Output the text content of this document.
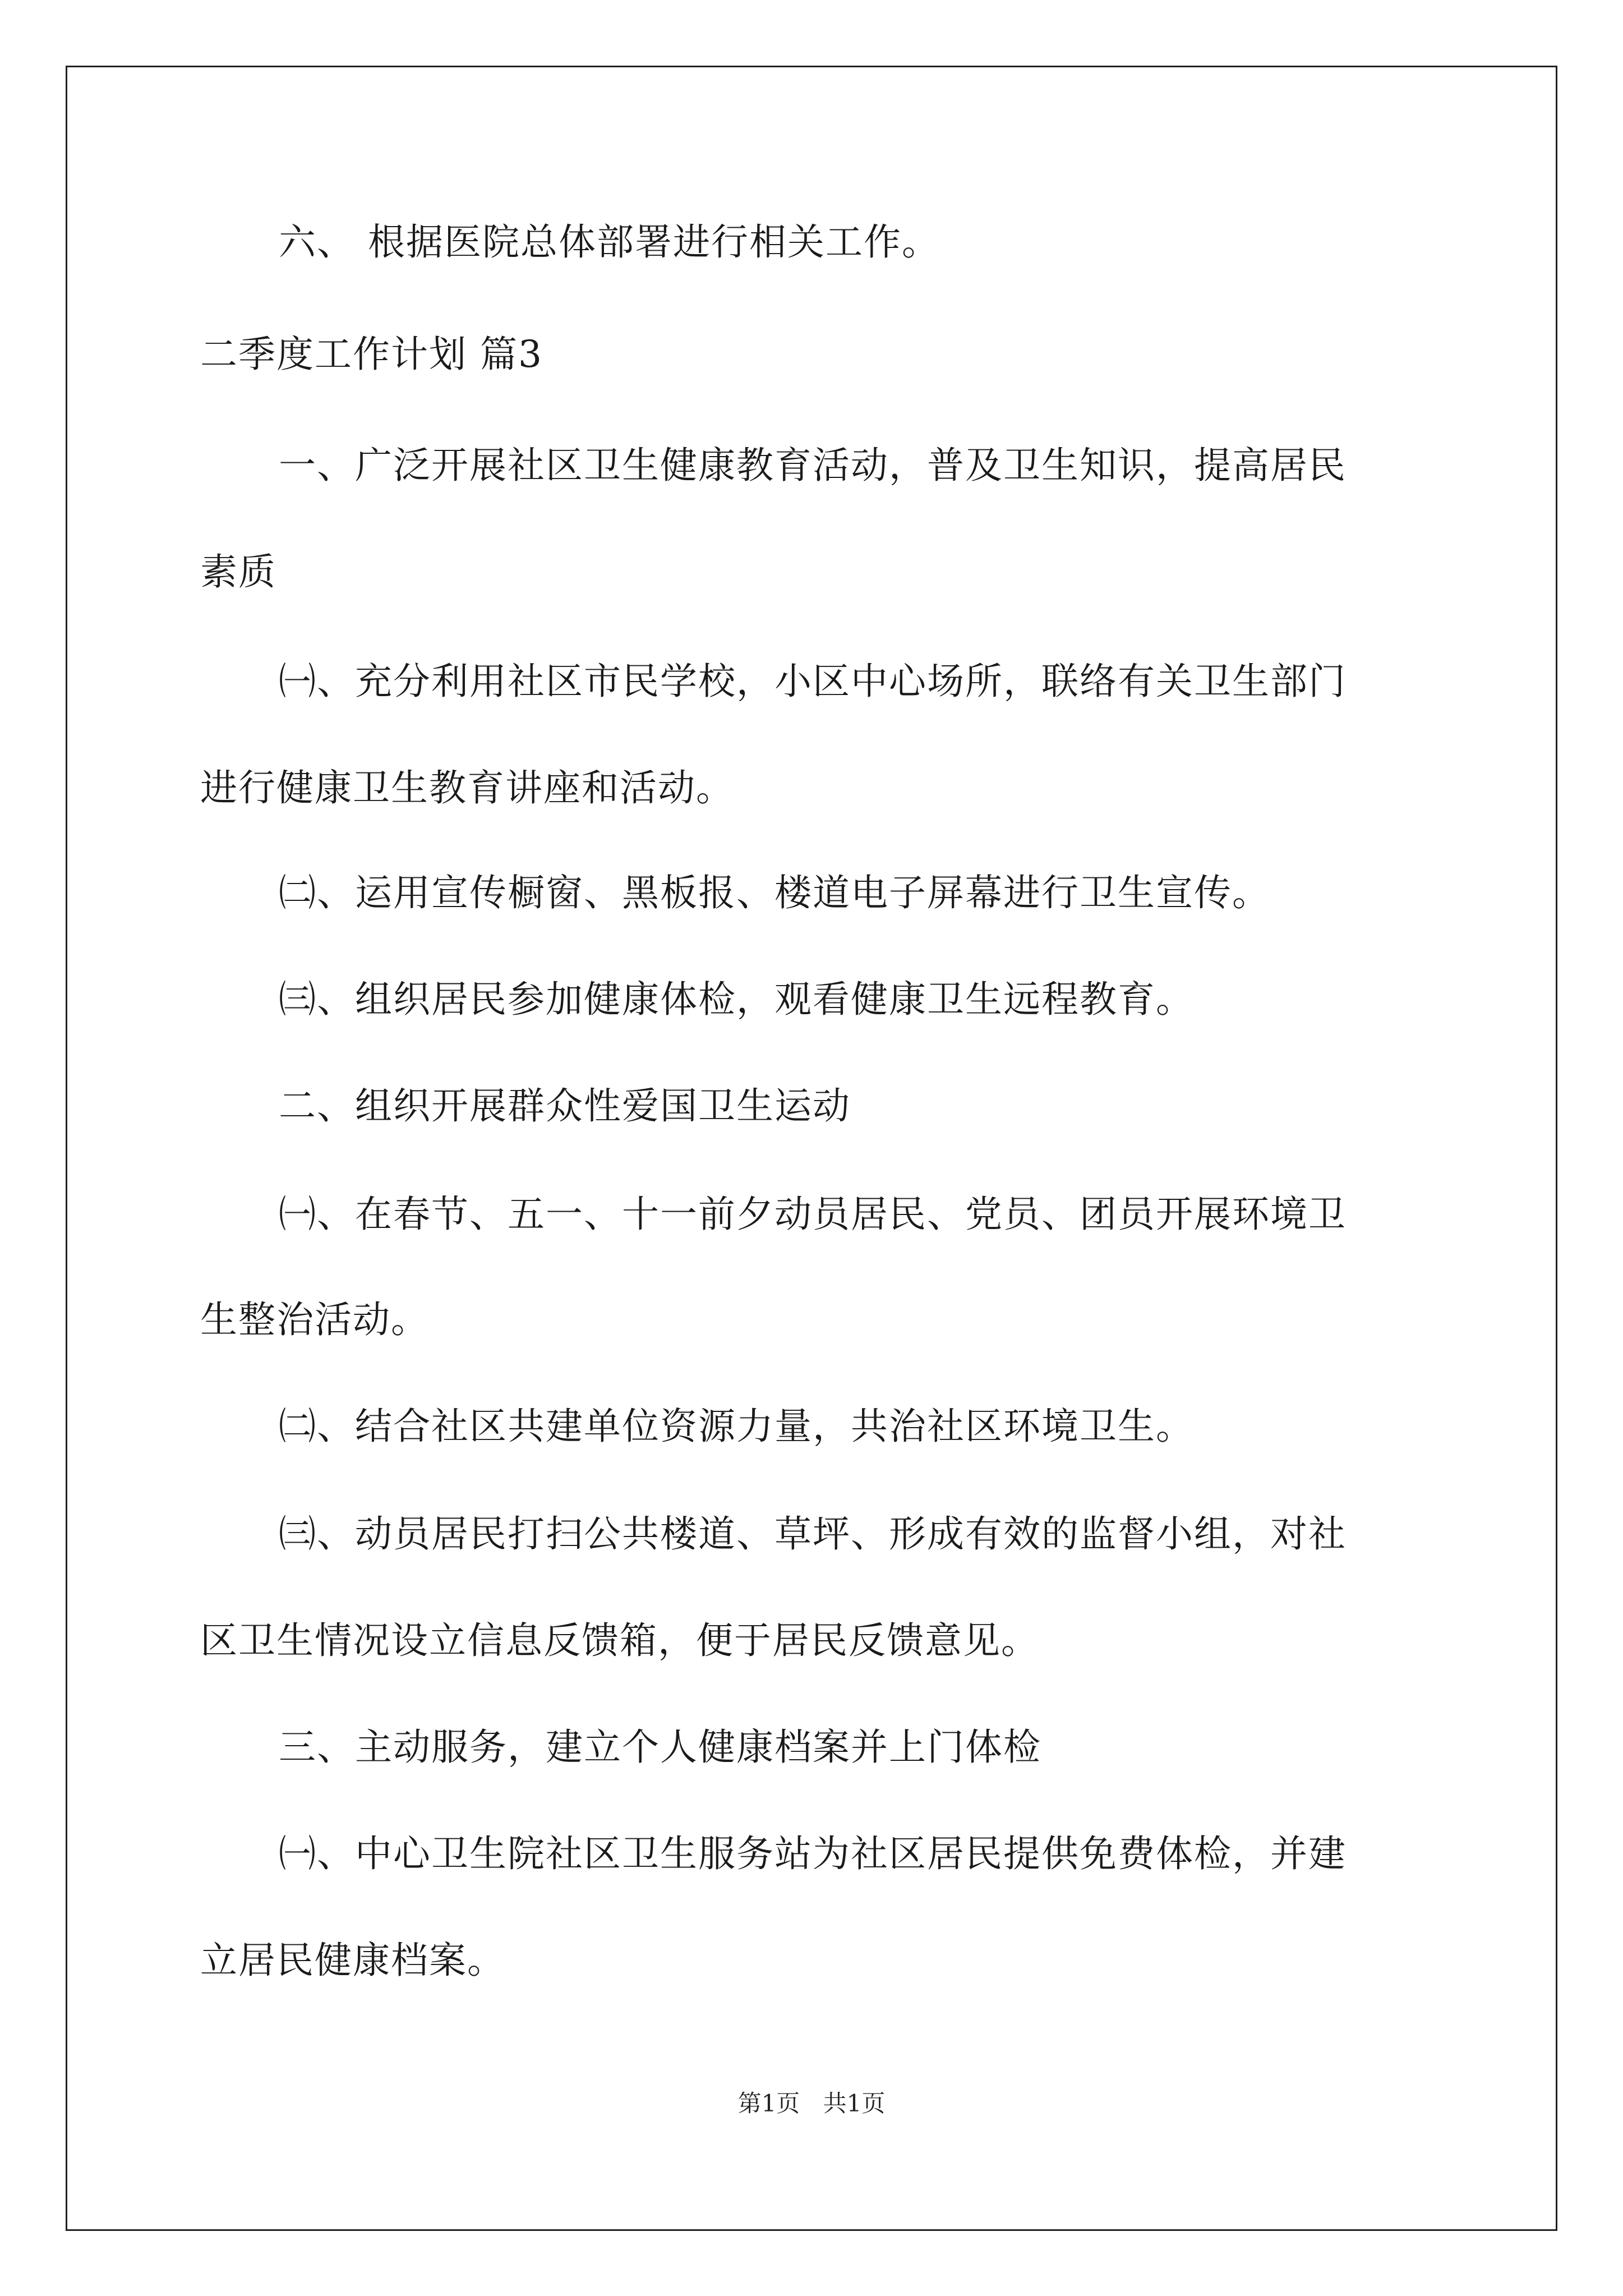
六、 根据医院总体部署进行相关工作。
二季度工作计划 篇3
一、广泛开展社区卫生健康教育活动，普及卫生知识，提高居民
素质
㈠、充分利用社区市民学校，小区中心场所，联络有关卫生部门
进行健康卫生教育讲座和活动。
㈡、运用宣传橱窗、黑板报、楼道电子屏幕进行卫生宣传。
㈢、组织居民参加健康体检，观看健康卫生远程教育。
二、组织开展群众性爱国卫生运动
㈠、在春节、五一、十一前夕动员居民、党员、团员开展环境卫
生整治活动。
㈡、结合社区共建单位资源力量，共治社区环境卫生。
㈢、动员居民打扫公共楼道、草坪、形成有效的监督小组，对社
区卫生情况设立信息反馈箱，便于居民反馈意见。
三、主动服务，建立个人健康档案并上门体检
㈠、中心卫生院社区卫生服务站为社区居民提供免费体检，并建
立居民健康档案。
第1页 共1页
